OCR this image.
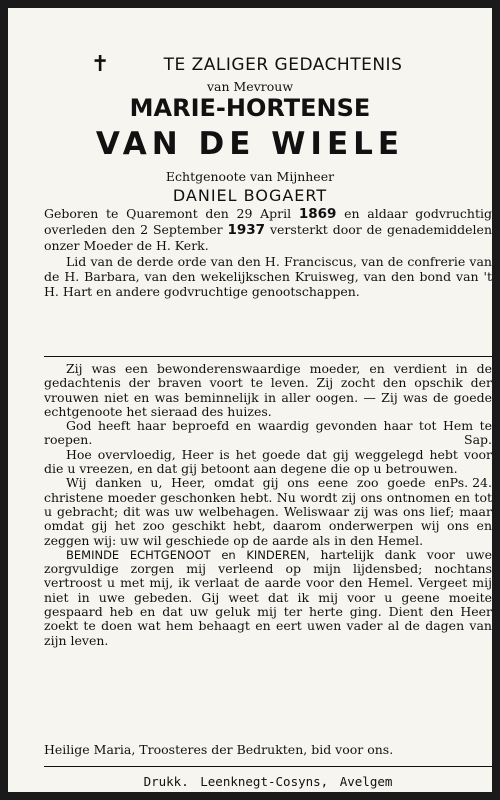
✝	TE ZALIGER GEDACHTENIS
van Mevrouw
MARIE-HORTENSE
VAN DE WIELE
Echtgenoote van Mijnheer
DANIEL BOGAERT

Geboren te Quaremont den 29 April 1869 en aldaar godvruchtig overleden den 2 September 1937 versterkt door de genademiddelen onzer Moeder de H. Kerk.

Lid van de derde orde van den H. Franciscus, van de confrerie van de H. Barbara, van den wekelijkschen Kruisweg, van den bond van 't H. Hart en andere godvruchtige genootschappen.

Zij was een bewonderenswaardige moeder, en verdient in de gedachtenis der braven voort te leven. Zij zocht den opschik der vrouwen niet en was beminnelijk in aller oogen. — Zij was de goede echtgenoote het sieraad des huizes.

God heeft haar beproefd en waardig gevonden haar tot Hem te roepen.	Sap.

Hoe overvloedig, Heer is het goede dat gij weggelegd hebt voor die u vreezen, en dat gij betoont aan degene die op u betrouwen.
Ps. 24.

Wij danken u, Heer, omdat gij ons eene zoo goede en christene moeder geschonken hebt. Nu wordt zij ons ontnomen en tot u gebracht; dit was uw welbehagen. Weliswaar zij was ons lief; maar omdat gij het zoo geschikt hebt, daarom onderwerpen wij ons en zeggen wij: uw wil geschiede op de aarde als in den Hemel.

BEMINDE ECHTGENOOT en KINDEREN, hartelijk dank voor uwe zorgvuldige zorgen mij verleend op mijn lijdensbed; nochtans vertroost u met mij, ik verlaat de aarde voor den Hemel. Vergeet mij niet in uwe gebeden. Gij weet dat ik mij voor u geene moeite gespaard heb en dat uw geluk mij ter herte ging. Dient den Heer zoekt te doen wat hem behaagt en eert uwen vader al de dagen van zijn leven.

Heilige Maria, Troosteres der Bedrukten, bid voor ons.
Drukk. Leenknegt-Cosyns, Avelgem
